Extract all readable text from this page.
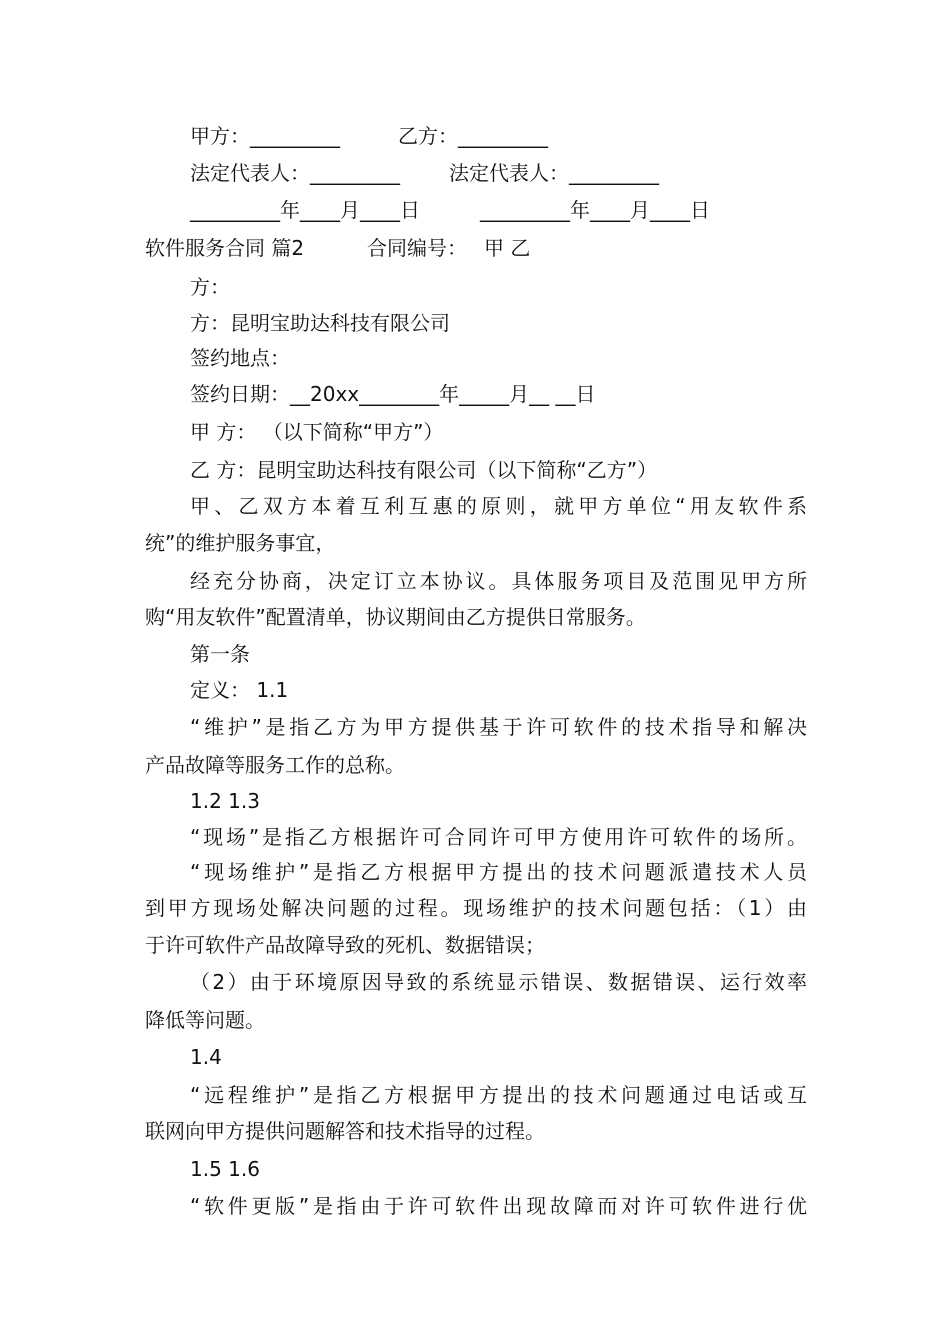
甲方：_________	乙方：_________
法定代表人：_________ 法定代表人：_________
_________年____月____日	_________年____月____日
软件服务合同 篇2	合同编号： 甲 乙
方：
方：昆明宝助达科技有限公司
签约地点：
签约日期：__20xx________年_____月__ __日
甲 方： （以下简称“甲方”）
乙 方：昆明宝助达科技有限公司（以下简称“乙方”）
甲、乙双方本着互利互惠的原则，就甲方单位“用友软件系
统”的维护服务事宜，
经充分协商，决定订立本协议。具体服务项目及范围见甲方所
购“用友软件”配置清单，协议期间由乙方提供日常服务。
第一条
定义： 1.1
“维护”是指乙方为甲方提供基于许可软件的技术指导和解决
产品故障等服务工作的总称。
1.2 1.3
“现场”是指乙方根据许可合同许可甲方使用许可软件的场所。
“现场维护”是指乙方根据甲方提出的技术问题派遣技术人员
到甲方现场处解决问题的过程。现场维护的技术问题包括：（1）由
于许可软件产品故障导致的死机、数据错误；
（2）由于环境原因导致的系统显示错误、数据错误、运行效率
降低等问题。
1.4
“远程维护”是指乙方根据甲方提出的技术问题通过电话或互
联网向甲方提供问题解答和技术指导的过程。
1.5 1.6
“软件更版”是指由于许可软件出现故障而对许可软件进行优
